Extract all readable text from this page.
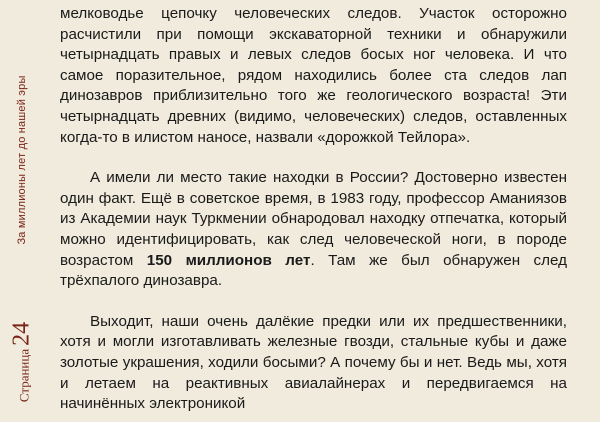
За миллионы лет до нашей эры
Страница24

мелководье цепочку человеческих следов. Участок осторожно расчистили при помощи экскаваторной техники и обнаружили четырнадцать правых и левых следов босых ног человека. И что самое поразительное, рядом находились более ста следов лап динозавров приблизительно того же геологического возраста! Эти четырнадцать древних (видимо, человеческих) следов, оставленных когда-то в илистом наносе, назвали «дорожкой Тейлора».

А имели ли место такие находки в России? Достоверно известен один факт. Ещё в советское время, в 1983 году, профессор Аманиязов из Академии наук Туркмении обнародовал находку отпечатка, который можно идентифицировать, как след человеческой ноги, в породе возрастом 150 миллионов лет. Там же был обнаружен след трёхпалого динозавра.

Выходит, наши очень далёкие предки или их предшественники, хотя и могли изготавливать железные гвозди, стальные кубы и даже золотые украшения, ходили босыми? А почему бы и нет. Ведь мы, хотя и летаем на реактивных авиалайнерах и передвигаемся на начинённых электроникой
